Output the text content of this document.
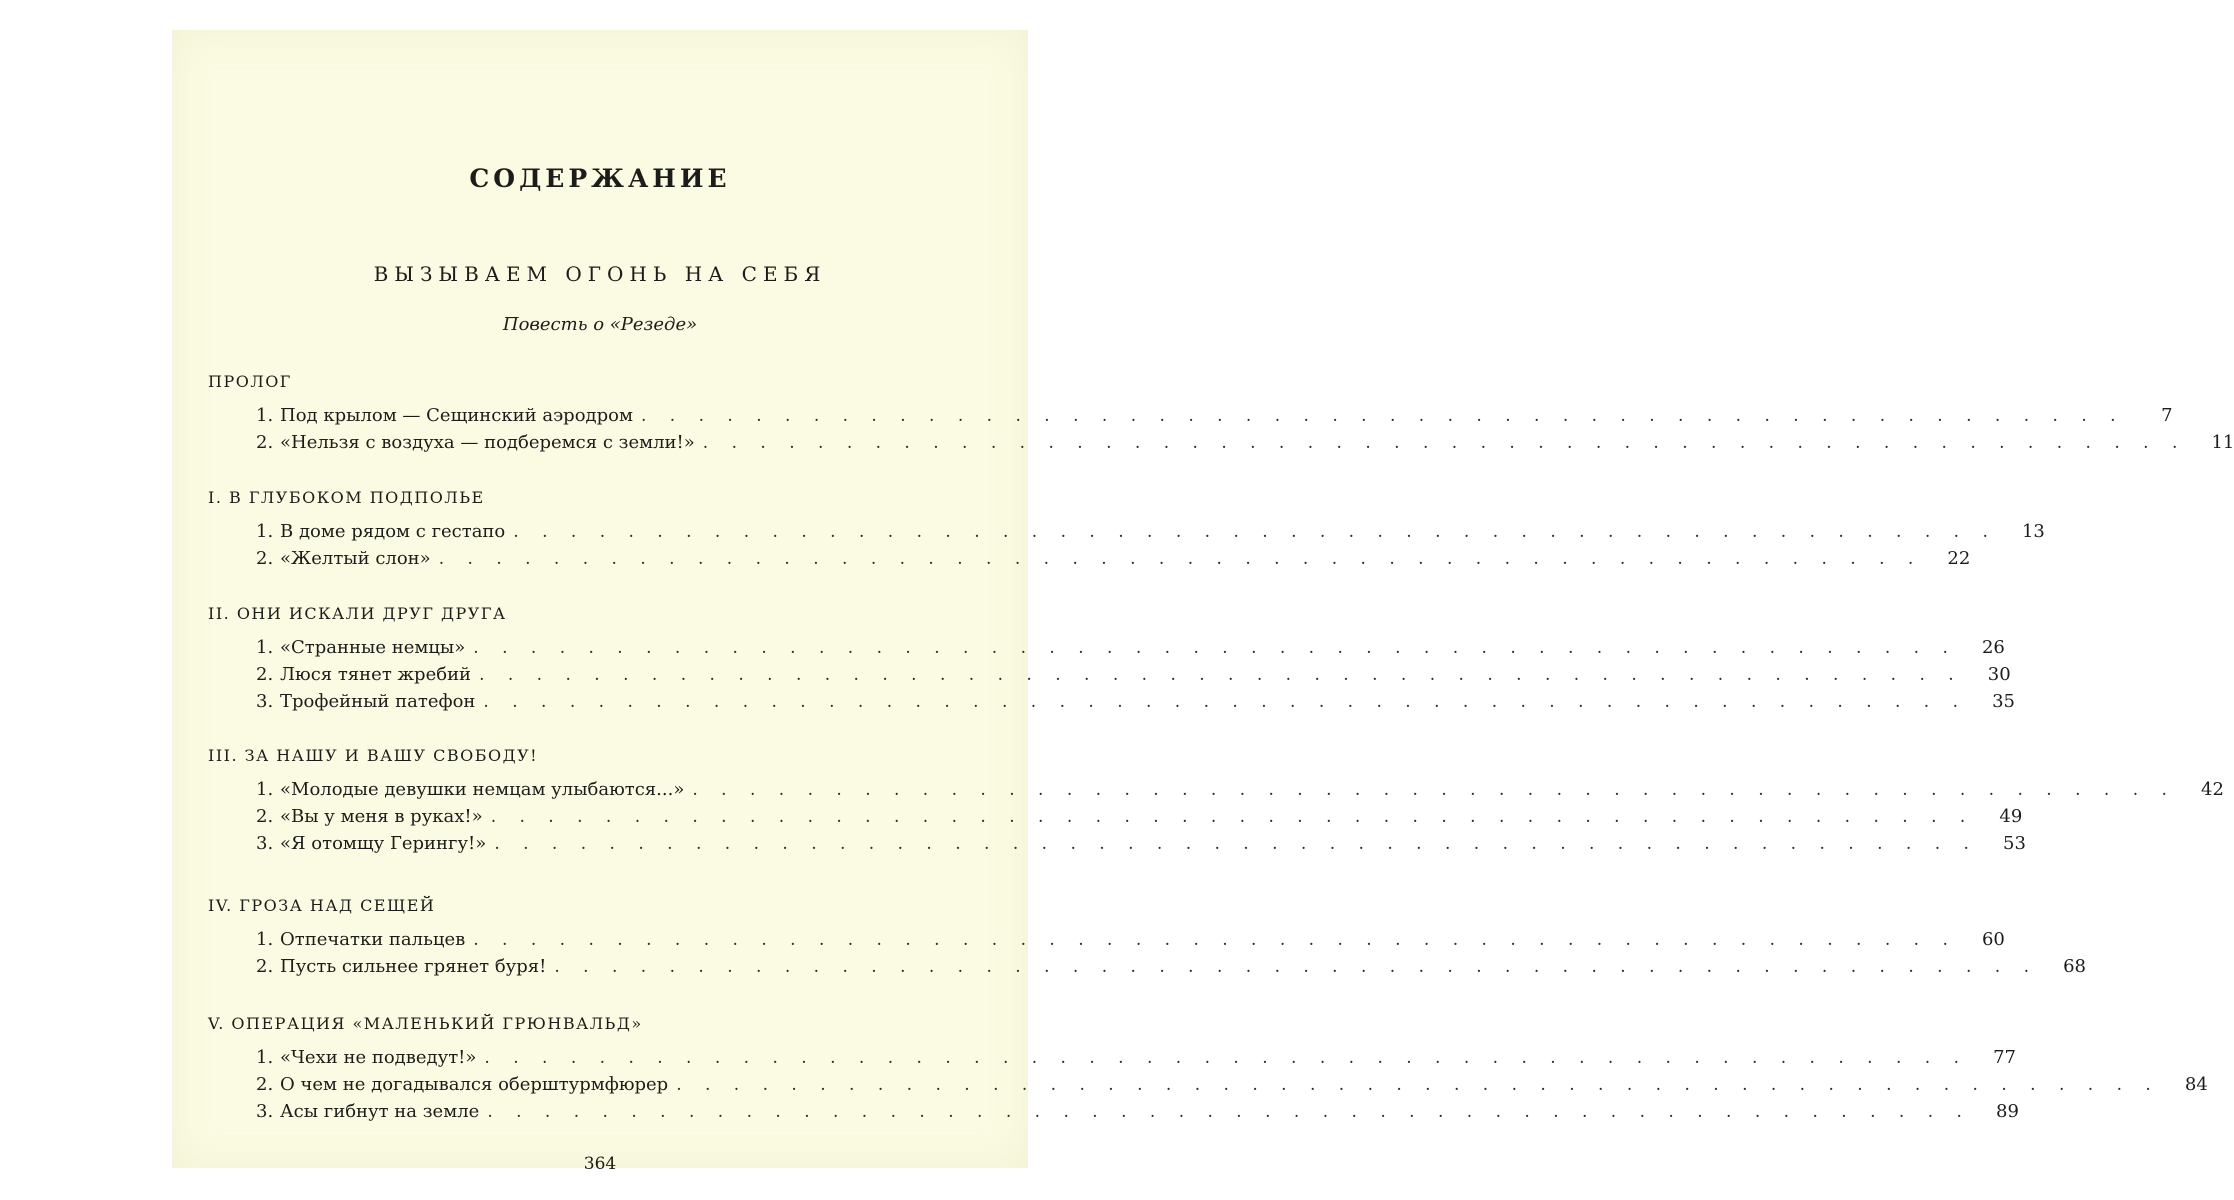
СОДЕРЖАНИЕ
ВЫЗЫВАЕМ ОГОНЬ НА СЕБЯ
Повесть о «Резеде»
ПРОЛОГ
1. Под крылом — Сещинский аэродром . . . . . . . . . . . . . . . . . . . . . . . . . . . . . . . . . . . . . . . . . . . . . . . . . . . .	7
2. «Нельзя с воздуха — подберемся с земли!» . . . . . . . . . . . . . . . . . . . . . . . . . . . . . . . . . . . . . . . . . . . . . . . . . . . .	11
I. В ГЛУБОКОМ ПОДПОЛЬЕ
1. В доме рядом с гестапо . . . . . . . . . . . . . . . . . . . . . . . . . . . . . . . . . . . . . . . . . . . . . . . . . . . .	13
2. «Желтый слон» . . . . . . . . . . . . . . . . . . . . . . . . . . . . . . . . . . . . . . . . . . . . . . . . . . . .	22
II. ОНИ ИСКАЛИ ДРУГ ДРУГА
1. «Странные немцы» . . . . . . . . . . . . . . . . . . . . . . . . . . . . . . . . . . . . . . . . . . . . . . . . . . . .	26
2. Люся тянет жребий . . . . . . . . . . . . . . . . . . . . . . . . . . . . . . . . . . . . . . . . . . . . . . . . . . . .	30
3. Трофейный патефон . . . . . . . . . . . . . . . . . . . . . . . . . . . . . . . . . . . . . . . . . . . . . . . . . . . .	35
III. ЗА НАШУ И ВАШУ СВОБОДУ!
1. «Молодые девушки немцам улыбаются...» . . . . . . . . . . . . . . . . . . . . . . . . . . . . . . . . . . . . . . . . . . . . . . . . . . . .	42
2. «Вы у меня в руках!» . . . . . . . . . . . . . . . . . . . . . . . . . . . . . . . . . . . . . . . . . . . . . . . . . . . .	49
3. «Я отомщу Герингу!» . . . . . . . . . . . . . . . . . . . . . . . . . . . . . . . . . . . . . . . . . . . . . . . . . . . .	53
IV. ГРОЗА НАД СЕЩЕЙ
1. Отпечатки пальцев . . . . . . . . . . . . . . . . . . . . . . . . . . . . . . . . . . . . . . . . . . . . . . . . . . . .	60
2. Пусть сильнее грянет буря! . . . . . . . . . . . . . . . . . . . . . . . . . . . . . . . . . . . . . . . . . . . . . . . . . . . .	68
V. ОПЕРАЦИЯ «МАЛЕНЬКИЙ ГРЮНВАЛЬД»
1. «Чехи не подведут!» . . . . . . . . . . . . . . . . . . . . . . . . . . . . . . . . . . . . . . . . . . . . . . . . . . . .	77
2. О чем не догадывался оберштурмфюрер . . . . . . . . . . . . . . . . . . . . . . . . . . . . . . . . . . . . . . . . . . . . . . . . . . . .	84
3. Асы гибнут на земле . . . . . . . . . . . . . . . . . . . . . . . . . . . . . . . . . . . . . . . . . . . . . . . . . . . .	89
364
